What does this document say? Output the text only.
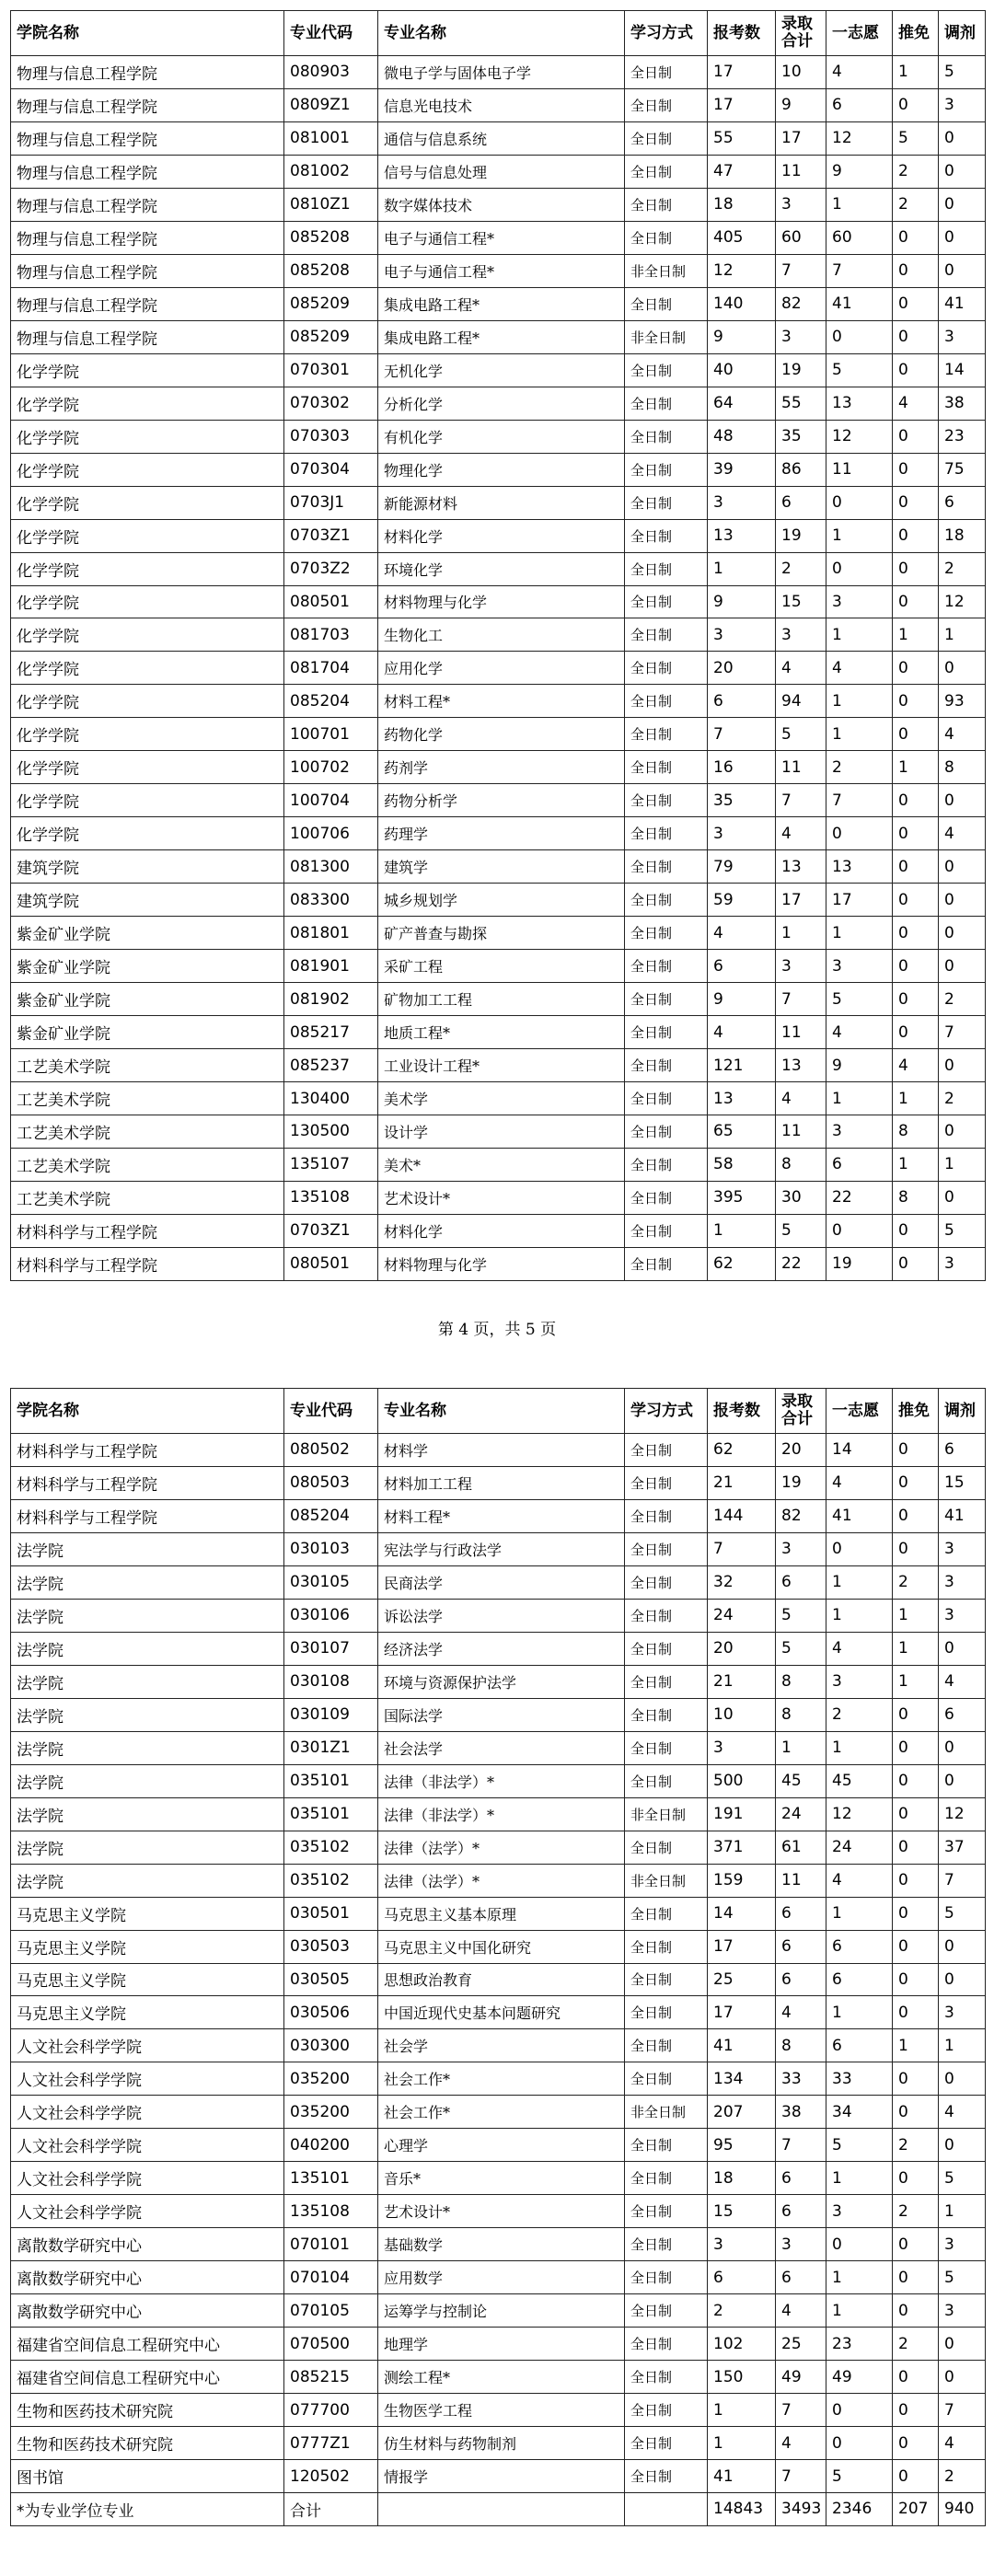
学院名称	专业代码	专业名称	学习方式	报考数	录取合计	一志愿	推免	调剂
物理与信息工程学院	080903	微电子学与固体电子学	全日制	17	10	4	1	5
物理与信息工程学院	0809Z1	信息光电技术	全日制	17	9	6	0	3
物理与信息工程学院	081001	通信与信息系统	全日制	55	17	12	5	0
物理与信息工程学院	081002	信号与信息处理	全日制	47	11	9	2	0
物理与信息工程学院	0810Z1	数字媒体技术	全日制	18	3	1	2	0
物理与信息工程学院	085208	电子与通信工程*	全日制	405	60	60	0	0
物理与信息工程学院	085208	电子与通信工程*	非全日制	12	7	7	0	0
物理与信息工程学院	085209	集成电路工程*	全日制	140	82	41	0	41
物理与信息工程学院	085209	集成电路工程*	非全日制	9	3	0	0	3
化学学院	070301	无机化学	全日制	40	19	5	0	14
化学学院	070302	分析化学	全日制	64	55	13	4	38
化学学院	070303	有机化学	全日制	48	35	12	0	23
化学学院	070304	物理化学	全日制	39	86	11	0	75
化学学院	0703J1	新能源材料	全日制	3	6	0	0	6
化学学院	0703Z1	材料化学	全日制	13	19	1	0	18
化学学院	0703Z2	环境化学	全日制	1	2	0	0	2
化学学院	080501	材料物理与化学	全日制	9	15	3	0	12
化学学院	081703	生物化工	全日制	3	3	1	1	1
化学学院	081704	应用化学	全日制	20	4	4	0	0
化学学院	085204	材料工程*	全日制	6	94	1	0	93
化学学院	100701	药物化学	全日制	7	5	1	0	4
化学学院	100702	药剂学	全日制	16	11	2	1	8
化学学院	100704	药物分析学	全日制	35	7	7	0	0
化学学院	100706	药理学	全日制	3	4	0	0	4
建筑学院	081300	建筑学	全日制	79	13	13	0	0
建筑学院	083300	城乡规划学	全日制	59	17	17	0	0
紫金矿业学院	081801	矿产普查与勘探	全日制	4	1	1	0	0
紫金矿业学院	081901	采矿工程	全日制	6	3	3	0	0
紫金矿业学院	081902	矿物加工工程	全日制	9	7	5	0	2
紫金矿业学院	085217	地质工程*	全日制	4	11	4	0	7
工艺美术学院	085237	工业设计工程*	全日制	121	13	9	4	0
工艺美术学院	130400	美术学	全日制	13	4	1	1	2
工艺美术学院	130500	设计学	全日制	65	11	3	8	0
工艺美术学院	135107	美术*	全日制	58	8	6	1	1
工艺美术学院	135108	艺术设计*	全日制	395	30	22	8	0
材料科学与工程学院	0703Z1	材料化学	全日制	1	5	0	0	5
材料科学与工程学院	080501	材料物理与化学	全日制	62	22	19	0	3
第 4 页，共 5 页
学院名称	专业代码	专业名称	学习方式	报考数	录取合计	一志愿	推免	调剂
材料科学与工程学院	080502	材料学	全日制	62	20	14	0	6
材料科学与工程学院	080503	材料加工工程	全日制	21	19	4	0	15
材料科学与工程学院	085204	材料工程*	全日制	144	82	41	0	41
法学院	030103	宪法学与行政法学	全日制	7	3	0	0	3
法学院	030105	民商法学	全日制	32	6	1	2	3
法学院	030106	诉讼法学	全日制	24	5	1	1	3
法学院	030107	经济法学	全日制	20	5	4	1	0
法学院	030108	环境与资源保护法学	全日制	21	8	3	1	4
法学院	030109	国际法学	全日制	10	8	2	0	6
法学院	0301Z1	社会法学	全日制	3	1	1	0	0
法学院	035101	法律（非法学）*	全日制	500	45	45	0	0
法学院	035101	法律（非法学）*	非全日制	191	24	12	0	12
法学院	035102	法律（法学）*	全日制	371	61	24	0	37
法学院	035102	法律（法学）*	非全日制	159	11	4	0	7
马克思主义学院	030501	马克思主义基本原理	全日制	14	6	1	0	5
马克思主义学院	030503	马克思主义中国化研究	全日制	17	6	6	0	0
马克思主义学院	030505	思想政治教育	全日制	25	6	6	0	0
马克思主义学院	030506	中国近现代史基本问题研究	全日制	17	4	1	0	3
人文社会科学学院	030300	社会学	全日制	41	8	6	1	1
人文社会科学学院	035200	社会工作*	全日制	134	33	33	0	0
人文社会科学学院	035200	社会工作*	非全日制	207	38	34	0	4
人文社会科学学院	040200	心理学	全日制	95	7	5	2	0
人文社会科学学院	135101	音乐*	全日制	18	6	1	0	5
人文社会科学学院	135108	艺术设计*	全日制	15	6	3	2	1
离散数学研究中心	070101	基础数学	全日制	3	3	0	0	3
离散数学研究中心	070104	应用数学	全日制	6	6	1	0	5
离散数学研究中心	070105	运筹学与控制论	全日制	2	4	1	0	3
福建省空间信息工程研究中心	070500	地理学	全日制	102	25	23	2	0
福建省空间信息工程研究中心	085215	测绘工程*	全日制	150	49	49	0	0
生物和医药技术研究院	077700	生物医学工程	全日制	1	7	0	0	7
生物和医药技术研究院	0777Z1	仿生材料与药物制剂	全日制	1	4	0	0	4
图书馆	120502	情报学	全日制	41	7	5	0	2
*为专业学位专业	合计			14843	3493	2346	207	940
